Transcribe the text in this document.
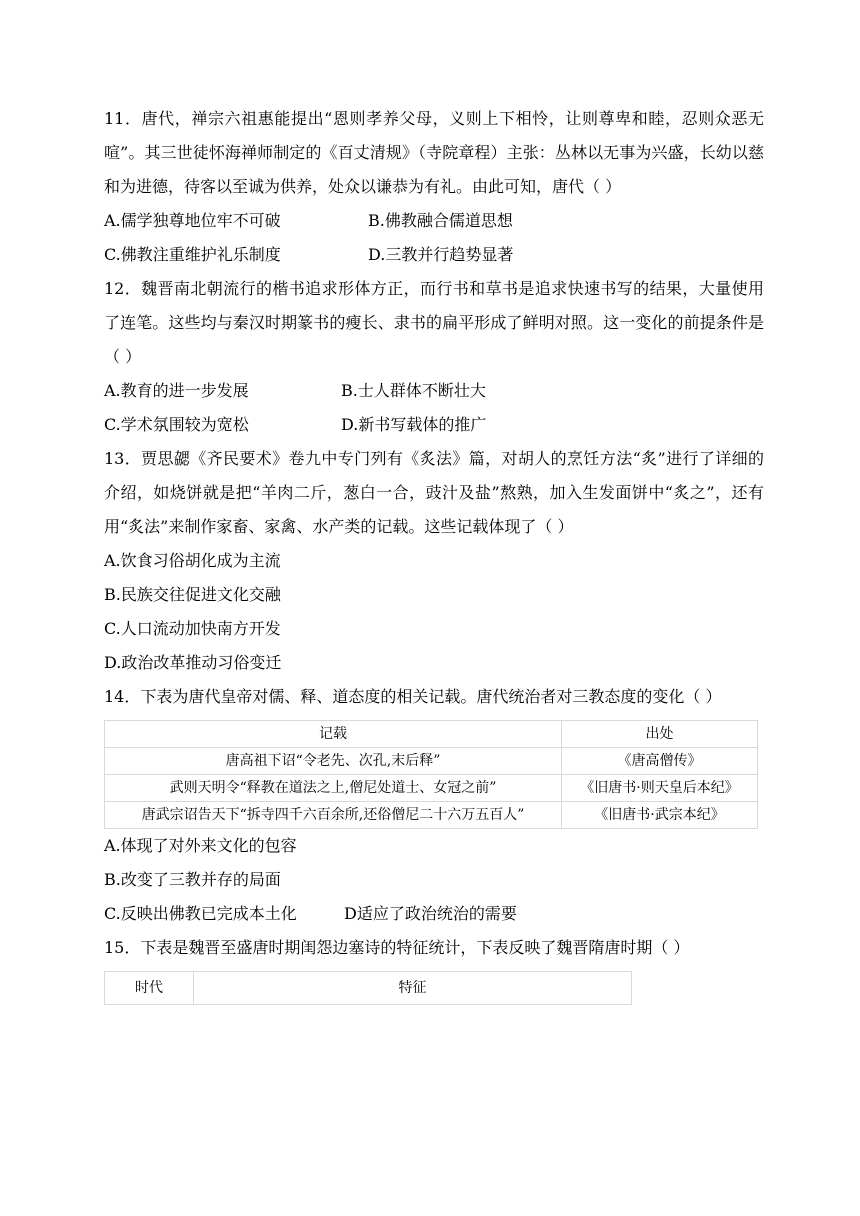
11．唐代，禅宗六祖惠能提出“恩则孝养父母，义则上下相怜，让则尊卑和睦，忍则众恶无喧”。其三世徒怀海禅师制定的《百丈清规》（寺院章程）主张：丛林以无事为兴盛，长幼以慈和为进德，待客以至诚为供养，处众以谦恭为有礼。由此可知，唐代（ ）

A.儒学独尊地位牢不可破	B.佛教融合儒道思想
C.佛教注重维护礼乐制度	D.三教并行趋势显著

12．魏晋南北朝流行的楷书追求形体方正，而行书和草书是追求快速书写的结果，大量使用了连笔。这些均与秦汉时期篆书的瘦长、隶书的扁平形成了鲜明对照。这一变化的前提条件是（ ）

A.教育的进一步发展	B.士人群体不断壮大
C.学术氛围较为宽松	D.新书写载体的推广

13．贾思勰《齐民要术》卷九中专门列有《炙法》篇，对胡人的烹饪方法“炙”进行了详细的介绍，如烧饼就是把“羊肉二斤，葱白一合，豉汁及盐”熬熟，加入生发面饼中“炙之”，还有用“炙法”来制作家畜、家禽、水产类的记载。这些记载体现了（ ）

A.饮食习俗胡化成为主流

B.民族交往促进文化交融

C.人口流动加快南方开发

D.政治改革推动习俗变迁

14．下表为唐代皇帝对儒、释、道态度的相关记载。唐代统治者对三教态度的变化（ ）

记载	出处
唐高祖下诏“令老先、次孔,末后释”	《唐高僧传》
武则天明令“释教在道法之上,僧尼处道士、女冠之前”	《旧唐书·则天皇后本纪》
唐武宗诏告天下“拆寺四千六百余所,还俗僧尼二十六万五百人”	《旧唐书·武宗本纪》

A.体现了对外来文化的包容

B.改变了三教并存的局面

C.反映出佛教已完成本土化	D适应了政治统治的需要

15．下表是魏晋至盛唐时期闺怨边塞诗的特征统计，下表反映了魏晋隋唐时期（ ）

时代	特征
